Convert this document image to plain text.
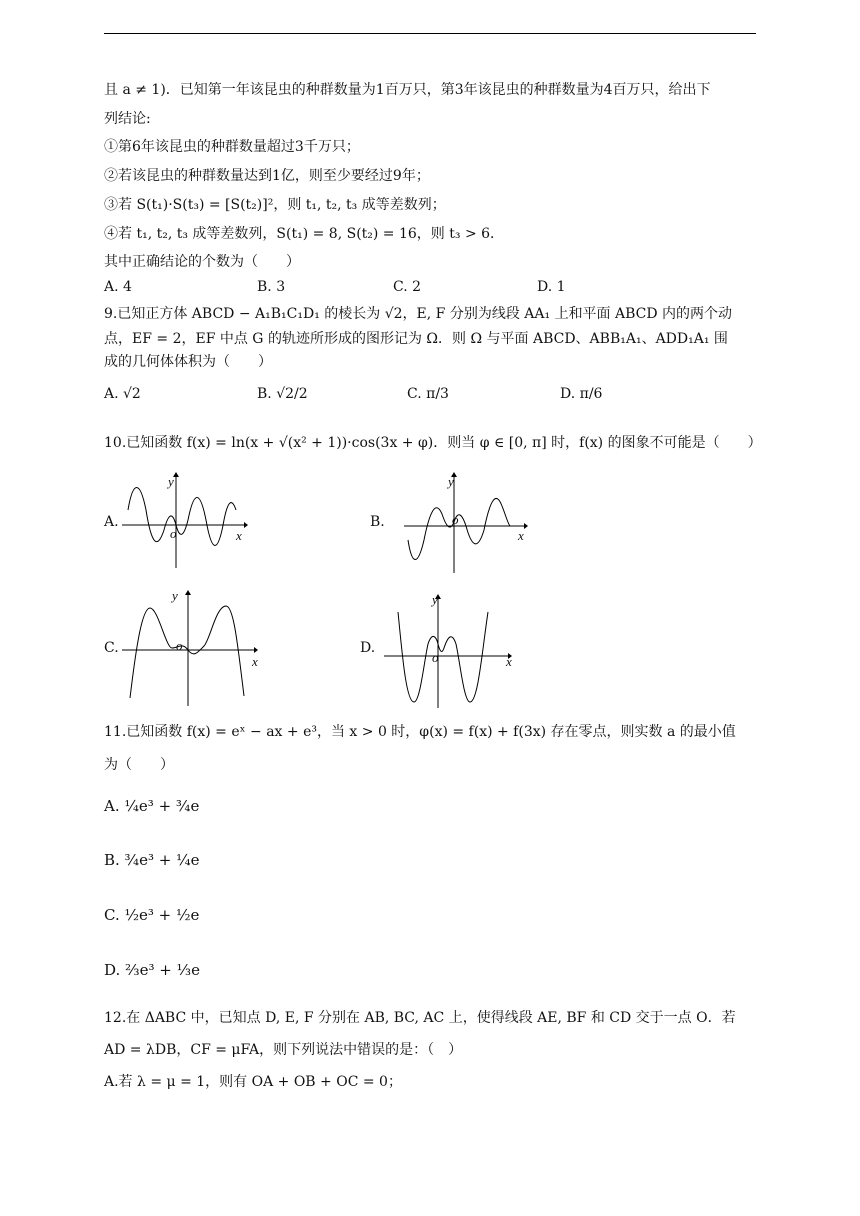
且 a ≠ 1)．已知第一年该昆虫的种群数量为1百万只，第3年该昆虫的种群数量为4百万只，给出下
列结论:
①第6年该昆虫的种群数量超过3千万只；
②若该昆虫的种群数量达到1亿，则至少要经过9年；
③若 S(t₁)·S(t₃) = [S(t₂)]²，则 t₁, t₂, t₃ 成等差数列；
④若 t₁, t₂, t₃ 成等差数列，S(t₁) = 8, S(t₂) = 16，则 t₃ > 6．
其中正确结论的个数为（　　）
A. 4	B. 3	C. 2	D. 1
9.已知正方体 ABCD − A₁B₁C₁D₁ 的棱长为 √2，E, F 分别为线段 AA₁ 上和平面 ABCD 内的两个动
点，EF = 2，EF 中点 G 的轨迹所形成的图形记为 Ω．则 Ω 与平面 ABCD、ABB₁A₁、ADD₁A₁ 围
成的几何体体积为（　　）
A. √2	B. √2/2	C. π/3	D. π/6
10.已知函数 f(x) = ln(x + √(x² + 1))·cos(3x + φ)．则当 φ ∈ [0, π] 时，f(x) 的图象不可能是（　　）
A.
y
x
o
B.
y
x
o
C.
y
x
o	D.
y
x
o
11.已知函数 f(x) = eˣ − ax + e³，当 x > 0 时，φ(x) = f(x) + f(3x) 存在零点，则实数 a 的最小值
为（　　）
A. ¼e³ + ¾e
B. ¾e³ + ¼e
C. ½e³ + ½e
D. ⅔e³ + ⅓e
12.在 ΔABC 中，已知点 D, E, F 分别在 AB, BC, AC 上，使得线段 AE, BF 和 CD 交于一点 O．若
AD = λDB，CF = μFA，则下列说法中错误的是：（　）
A.若 λ = μ = 1，则有 OA + OB + OC = 0；
